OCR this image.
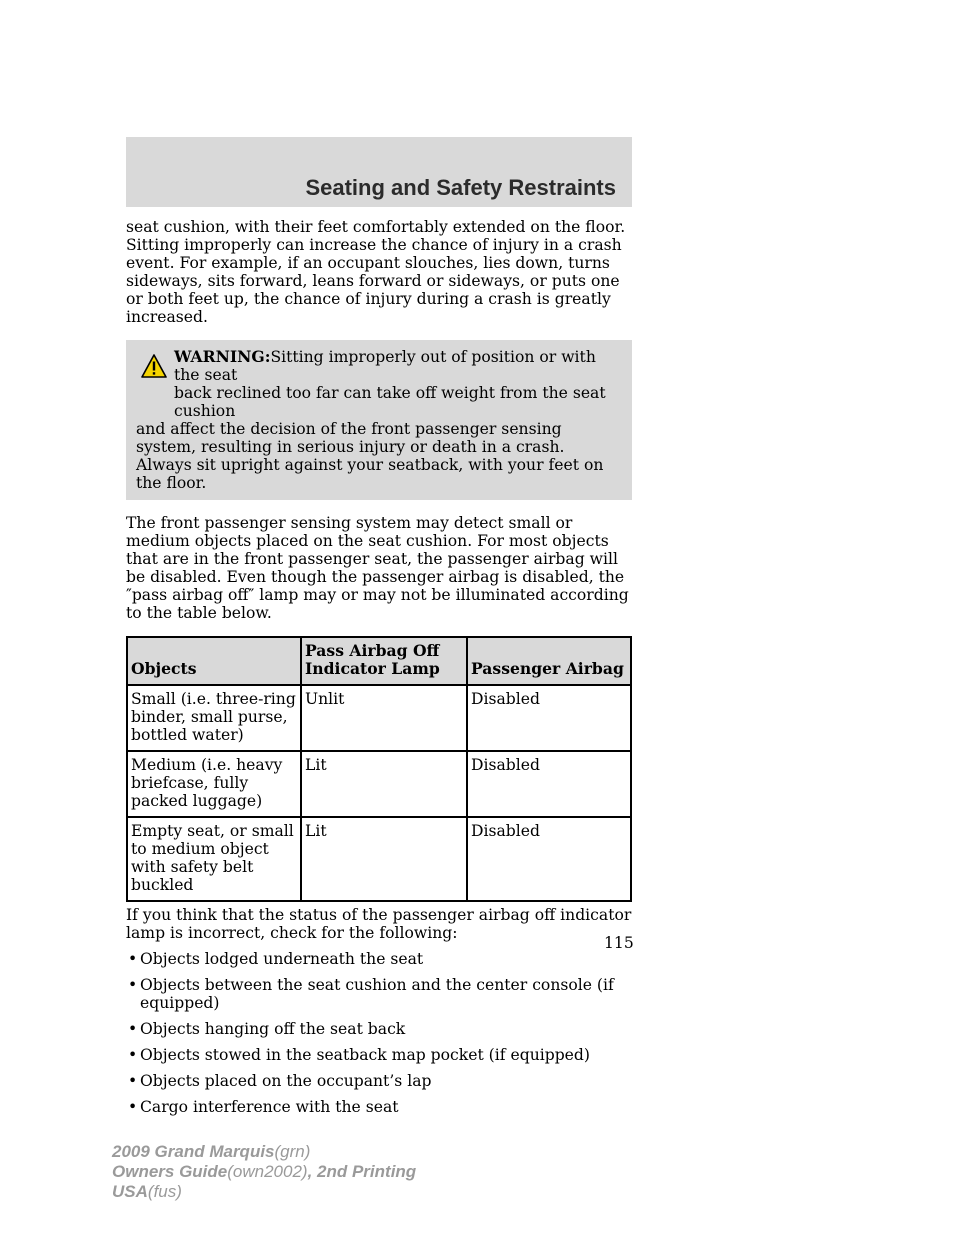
Seating and Safety Restraints

seat cushion, with their feet comfortably extended on the floor. Sitting improperly can increase the chance of injury in a crash event. For example, if an occupant slouches, lies down, turns sideways, sits forward, leans forward or sideways, or puts one or both feet up, the chance of injury during a crash is greatly increased.

WARNING:Sitting improperly out of position or with the seat
back reclined too far can take off weight from the seat cushion
and affect the decision of the front passenger sensing system, resulting in serious injury or death in a crash.
Always sit upright against your seatback, with your feet on the floor.

The front passenger sensing system may detect small or medium objects placed on the seat cushion. For most objects that are in the front passenger seat, the passenger airbag will be disabled. Even though the passenger airbag is disabled, the ″pass airbag off″ lamp may or may not be illuminated according to the table below.

Objects	Pass Airbag Off Indicator Lamp	Passenger Airbag
Small (i.e. three-ring binder, small purse, bottled water)	Unlit	Disabled
Medium (i.e. heavy briefcase, fully packed luggage)	Lit	Disabled
Empty seat, or small to medium object with safety belt buckled	Lit	Disabled

If you think that the status of the passenger airbag off indicator lamp is incorrect, check for the following:

• Objects lodged underneath the seat
• Objects between the seat cushion and the center console (if equipped)
• Objects hanging off the seat back
• Objects stowed in the seatback map pocket (if equipped)
• Objects placed on the occupant’s lap
• Cargo interference with the seat
115
2009 Grand Marquis(grn)
Owners Guide(own2002), 2nd Printing
USA(fus)
